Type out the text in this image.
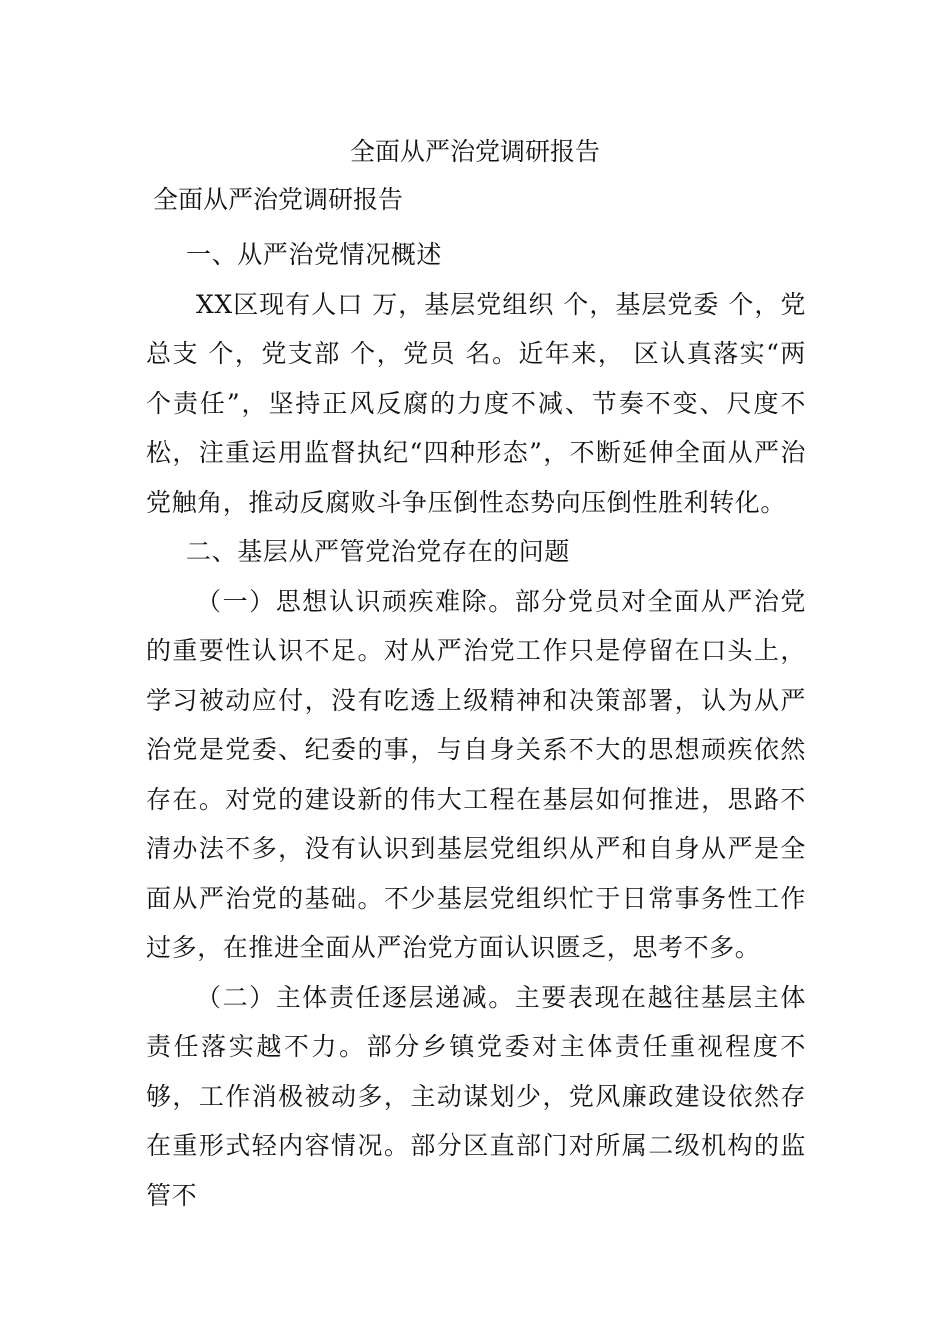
全面从严治党调研报告
全面从严治党调研报告

一、从严治党情况概述

XX区现有人口 万，基层党组织 个，基层党委 个，党总支 个，党支部 个，党员 名。近年来， 区认真落实“两个责任”，坚持正风反腐的力度不减、节奏不变、尺度不松，注重运用监督执纪“四种形态”，不断延伸全面从严治党触角，推动反腐败斗争压倒性态势向压倒性胜利转化。

二、基层从严管党治党存在的问题

（一）思想认识顽疾难除。部分党员对全面从严治党的重要性认识不足。对从严治党工作只是停留在口头上，学习被动应付，没有吃透上级精神和决策部署，认为从严治党是党委、纪委的事，与自身关系不大的思想顽疾依然存在。对党的建设新的伟大工程在基层如何推进，思路不清办法不多，没有认识到基层党组织从严和自身从严是全面从严治党的基础。不少基层党组织忙于日常事务性工作过多，在推进全面从严治党方面认识匮乏，思考不多。

（二）主体责任逐层递减。主要表现在越往基层主体责任落实越不力。部分乡镇党委对主体责任重视程度不够，工作消极被动多，主动谋划少，党风廉政建设依然存在重形式轻内容情况。部分区直部门对所属二级机构的监管不
